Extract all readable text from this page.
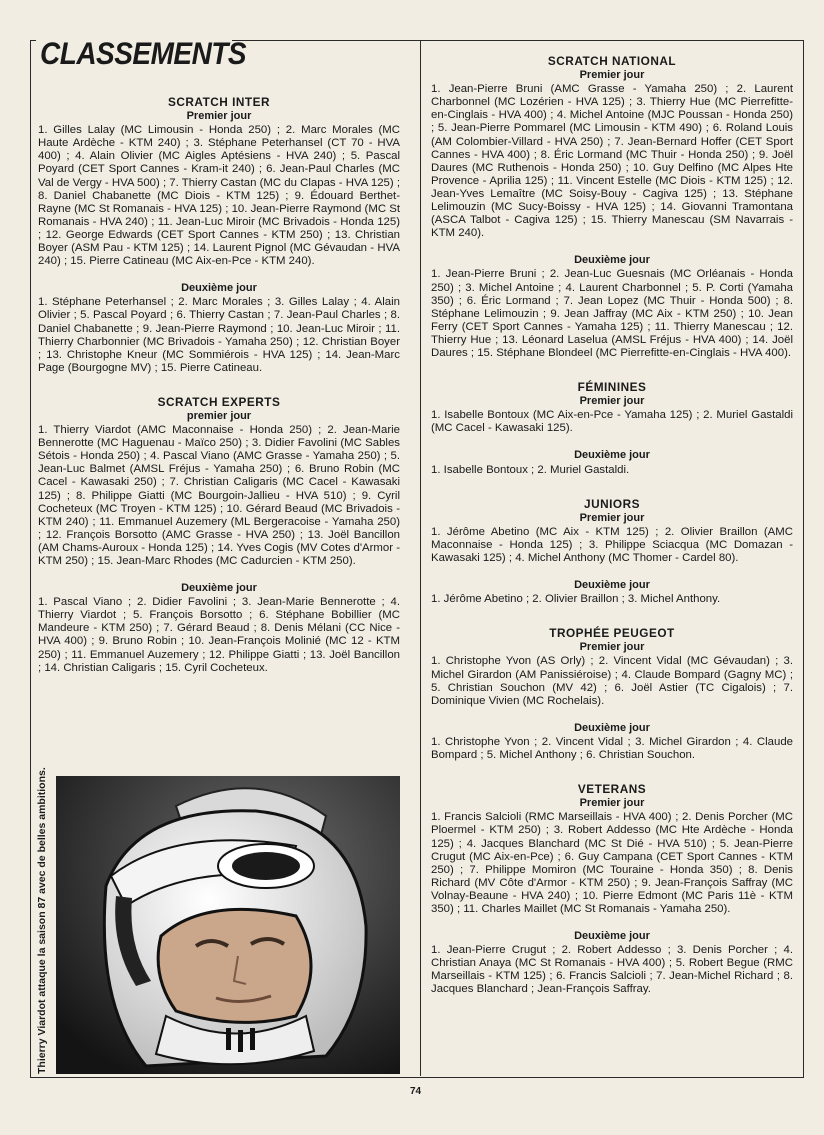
CLASSEMENTS

SCRATCH INTER

Premier jour

1. Gilles Lalay (MC Limousin - Honda 250) ; 2. Marc Morales (MC Haute Ardèche - KTM 240) ; 3. Stéphane Peterhansel (CT 70 - HVA 400) ; 4. Alain Olivier (MC Aigles Aptésiens - HVA 240) ; 5. Pascal Poyard (CET Sport Cannes - Kram-it 240) ; 6. Jean-Paul Charles (MC Val de Vergy - HVA 500) ; 7. Thierry Castan (MC du Clapas - HVA 125) ; 8. Daniel Chabanette (MC Diois - KTM 125) ; 9. Édouard Berthet-Rayne (MC St Romanais - HVA 125) ; 10. Jean-Pierre Raymond (MC St Romanais - HVA 240) ; 11. Jean-Luc Miroir (MC Brivadois - Honda 125) ; 12. George Edwards (CET Sport Cannes - KTM 250) ; 13. Christian Boyer (ASM Pau - KTM 125) ; 14. Laurent Pignol (MC Gévaudan - HVA 240) ; 15. Pierre Catineau (MC Aix-en-Pce - KTM 240).

Deuxième jour

1. Stéphane Peterhansel ; 2. Marc Morales ; 3. Gilles Lalay ; 4. Alain Olivier ; 5. Pascal Poyard ; 6. Thierry Castan ; 7. Jean-Paul Charles ; 8. Daniel Chabanette ; 9. Jean-Pierre Raymond ; 10. Jean-Luc Miroir ; 11. Thierry Charbonnier (MC Brivadois - Yamaha 250) ; 12. Christian Boyer ; 13. Christophe Kneur (MC Sommiérois - HVA 125) ; 14. Jean-Marc Page (Bourgogne MV) ; 15. Pierre Catineau.

SCRATCH EXPERTS

premier jour

1. Thierry Viardot (AMC Maconnaise - Honda 250) ; 2. Jean-Marie Bennerotte (MC Haguenau - Maïco 250) ; 3. Didier Favolini (MC Sables Sétois - Honda 250) ; 4. Pascal Viano (AMC Grasse - Yamaha 250) ; 5. Jean-Luc Balmet (AMSL Fréjus - Yamaha 250) ; 6. Bruno Robin (MC Cacel - Kawasaki 250) ; 7. Christian Caligaris (MC Cacel - Kawasaki 125) ; 8. Philippe Giatti (MC Bourgoin-Jallieu - HVA 510) ; 9. Cyril Cocheteux (MC Troyen - KTM 125) ; 10. Gérard Beaud (MC Brivadois - KTM 240) ; 11. Emmanuel Auzemery (ML Bergeracoise - Yamaha 250) ; 12. François Borsotto (AMC Grasse - HVA 250) ; 13. Joël Bancillon (AM Chams-Auroux - Honda 125) ; 14. Yves Cogis (MV Cotes d'Armor - KTM 250) ; 15. Jean-Marc Rhodes (MC Cadurcien - KTM 250).

Deuxième jour

1. Pascal Viano ; 2. Didier Favolini ; 3. Jean-Marie Bennerotte ; 4. Thierry Viardot ; 5. François Borsotto ; 6. Stéphane Bobillier (MC Mandeure - KTM 250) ; 7. Gérard Beaud ; 8. Denis Mélani (CC Nice - HVA 400) ; 9. Bruno Robin ; 10. Jean-François Molinié (MC 12 - KTM 250) ; 11. Emmanuel Auzemery ; 12. Philippe Giatti ; 13. Joël Bancillon ; 14. Christian Caligaris ; 15. Cyril Cocheteux.

Thierry Viardot attaque la saison 87 avec de belles ambitions.

SCRATCH NATIONAL

Premier jour

1. Jean-Pierre Bruni (AMC Grasse - Yamaha 250) ; 2. Laurent Charbonnel (MC Lozérien - HVA 125) ; 3. Thierry Hue (MC Pierrefitte-en-Cinglais - HVA 400) ; 4. Michel Antoine (MJC Poussan - Honda 250) ; 5. Jean-Pierre Pommarel (MC Limousin - KTM 490) ; 6. Roland Louis (AM Colombier-Villard - HVA 250) ; 7. Jean-Bernard Hoffer (CET Sport Cannes - HVA 400) ; 8. Éric Lormand (MC Thuir - Honda 250) ; 9. Joël Daures (MC Ruthenois - Honda 250) ; 10. Guy Delfino (MC Alpes Hte Provence - Aprilia 125) ; 11. Vincent Estelle (MC Diois - KTM 125) ; 12. Jean-Yves Lemaître (MC Soisy-Bouy - Cagiva 125) ; 13. Stéphane Lelimouzin (MC Sucy-Boissy - HVA 125) ; 14. Giovanni Tramontana (ASCA Talbot - Cagiva 125) ; 15. Thierry Manescau (SM Navarrais - KTM 240).

Deuxième jour

1. Jean-Pierre Bruni ; 2. Jean-Luc Guesnais (MC Orléanais - Honda 250) ; 3. Michel Antoine ; 4. Laurent Charbonnel ; 5. P. Corti (Yamaha 350) ; 6. Éric Lormand ; 7. Jean Lopez (MC Thuir - Honda 500) ; 8. Stéphane Lelimouzin ; 9. Jean Jaffray (MC Aix - KTM 250) ; 10. Jean Ferry (CET Sport Cannes - Yamaha 125) ; 11. Thierry Manescau ; 12. Thierry Hue ; 13. Léonard Laselua (AMSL Fréjus - HVA 400) ; 14. Joël Daures ; 15. Stéphane Blondeel (MC Pierrefitte-en-Cinglais - HVA 400).

FÉMININES

Premier jour

1. Isabelle Bontoux (MC Aix-en-Pce - Yamaha 125) ; 2. Muriel Gastaldi (MC Cacel - Kawasaki 125).

Deuxième jour

1. Isabelle Bontoux ; 2. Muriel Gastaldi.

JUNIORS

Premier jour

1. Jérôme Abetino (MC Aix - KTM 125) ; 2. Olivier Braillon (AMC Maconnaise - Honda 125) ; 3. Philippe Sciacqua (MC Domazan - Kawasaki 125) ; 4. Michel Anthony (MC Thomer - Cardel 80).

Deuxième jour

1. Jérôme Abetino ; 2. Olivier Braillon ; 3. Michel Anthony.

TROPHÉE PEUGEOT

Premier jour

1. Christophe Yvon (AS Orly) ; 2. Vincent Vidal (MC Gévaudan) ; 3. Michel Girardon (AM Panissiéroise) ; 4. Claude Bompard (Gagny MC) ; 5. Christian Souchon (MV 42) ; 6. Joël Astier (TC Cigalois) ; 7. Dominique Vivien (MC Rochelais).

Deuxième jour

1. Christophe Yvon ; 2. Vincent Vidal ; 3. Michel Girardon ; 4. Claude Bompard ; 5. Michel Anthony ; 6. Christian Souchon.

VETERANS

Premier jour

1. Francis Salcioli (RMC Marseillais - HVA 400) ; 2. Denis Porcher (MC Ploermel - KTM 250) ; 3. Robert Addesso (MC Hte Ardèche - Honda 125) ; 4. Jacques Blanchard (MC St Dié - HVA 510) ; 5. Jean-Pierre Crugut (MC Aix-en-Pce) ; 6. Guy Campana (CET Sport Cannes - KTM 250) ; 7. Philippe Momiron (MC Touraine - Honda 350) ; 8. Denis Richard (MV Côte d'Armor - KTM 250) ; 9. Jean-François Saffray (MC Volnay-Beaune - HVA 240) ; 10. Pierre Edmont (MC Paris 11è - KTM 350) ; 11. Charles Maillet (MC St Romanais - Yamaha 250).

Deuxième jour

1. Jean-Pierre Crugut ; 2. Robert Addesso ; 3. Denis Porcher ; 4. Christian Anaya (MC St Romanais - HVA 400) ; 5. Robert Begue (RMC Marseillais - KTM 125) ; 6. Francis Salcioli ; 7. Jean-Michel Richard ; 8. Jacques Blanchard ; Jean-François Saffray.

74
